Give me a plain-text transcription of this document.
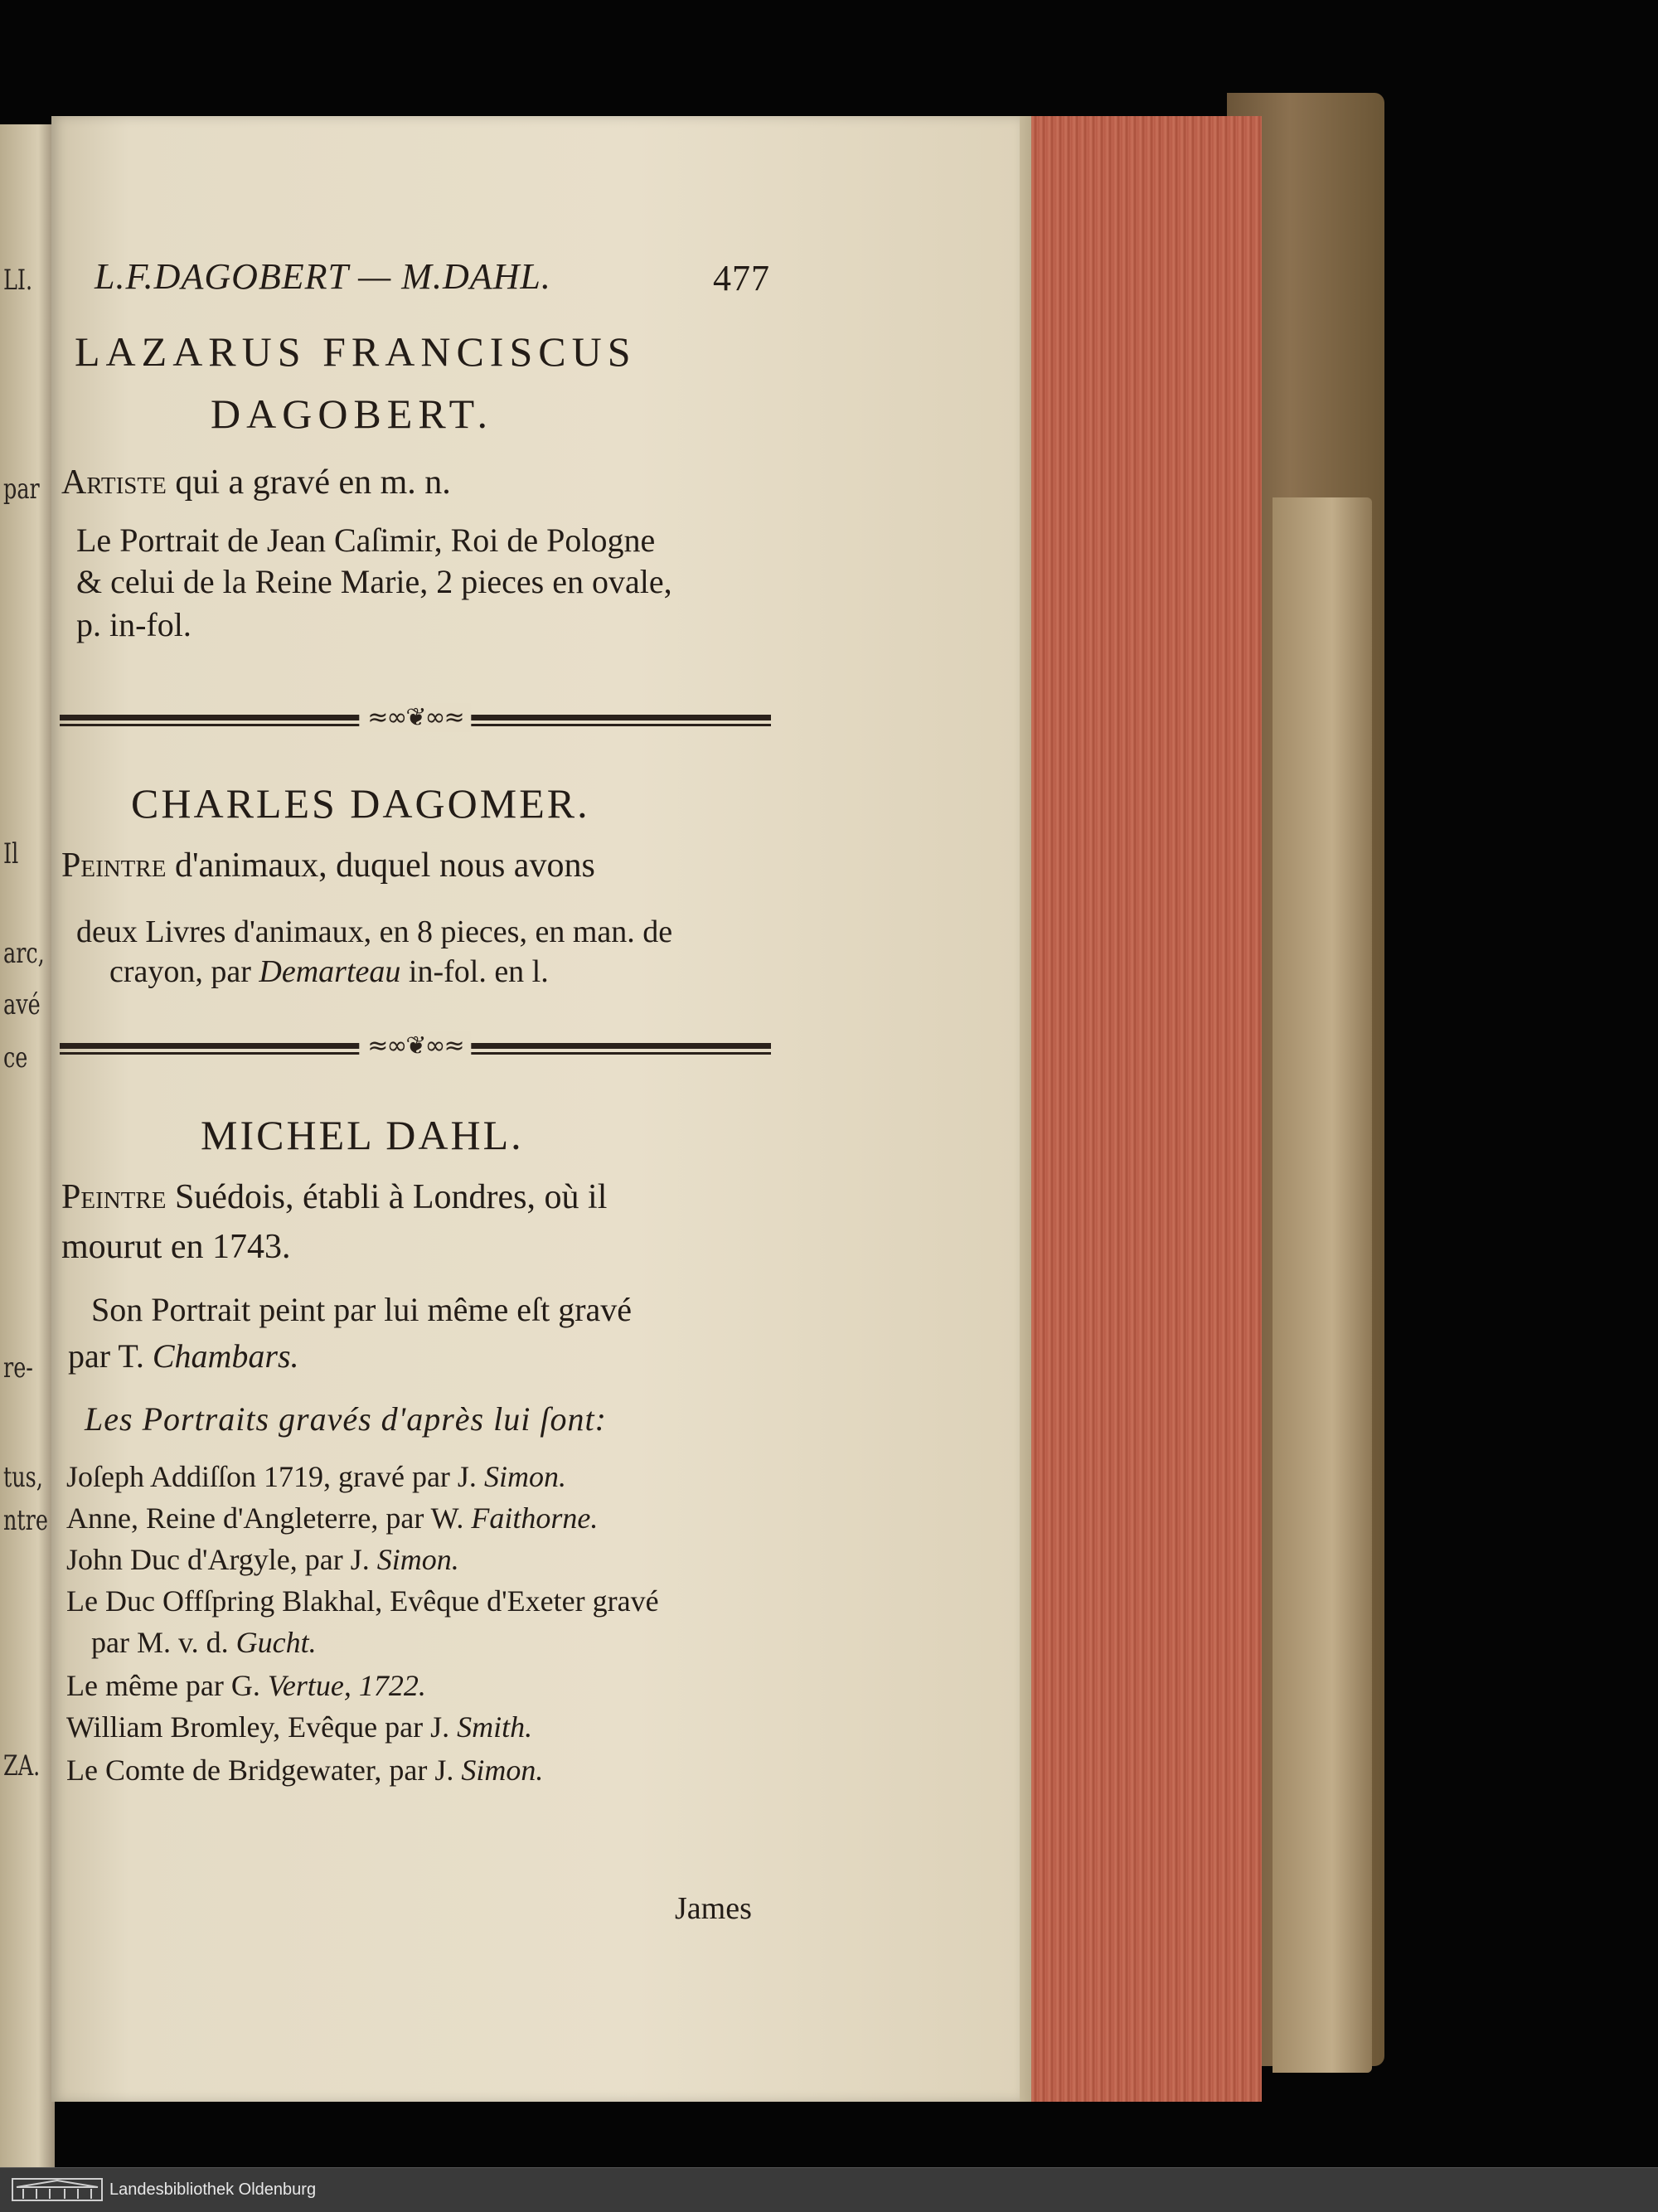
LI.
par
Il
arc,
avé
ce
re-
tus,
ntre
ZA.
L.F.DAGOBERT — M.DAHL.	477
LAZARUS FRANCISCUS
DAGOBERT.
Artiste qui a gravé en m. n.
Le Portrait de Jean Caſimir, Roi de Pologne
& celui de la Reine Marie, 2 pieces en ovale,
p. in-fol.
≈∞❦∞≈
CHARLES DAGOMER.
Peintre d'animaux, duquel nous avons
deux Livres d'animaux, en 8 pieces, en man. de
crayon, par Demarteau in-fol. en l.
≈∞❦∞≈
MICHEL DAHL.
Peintre Suédois, établi à Londres, où il
mourut en 1743.
Son Portrait peint par lui même eſt gravé
par T. Chambars.
Les Portraits gravés d'après lui ſont:
Joſeph Addiſſon 1719, gravé par J. Simon.
Anne, Reine d'Angleterre, par W. Faithorne.
John Duc d'Argyle, par J. Simon.
Le Duc Offſpring Blakhal, Evêque d'Exeter gravé
par M. v. d. Gucht.
Le même par G. Vertue, 1722.
William Bromley, Evêque par J. Smith.
Le Comte de Bridgewater, par J. Simon.
James
Landesbibliothek Oldenburg
